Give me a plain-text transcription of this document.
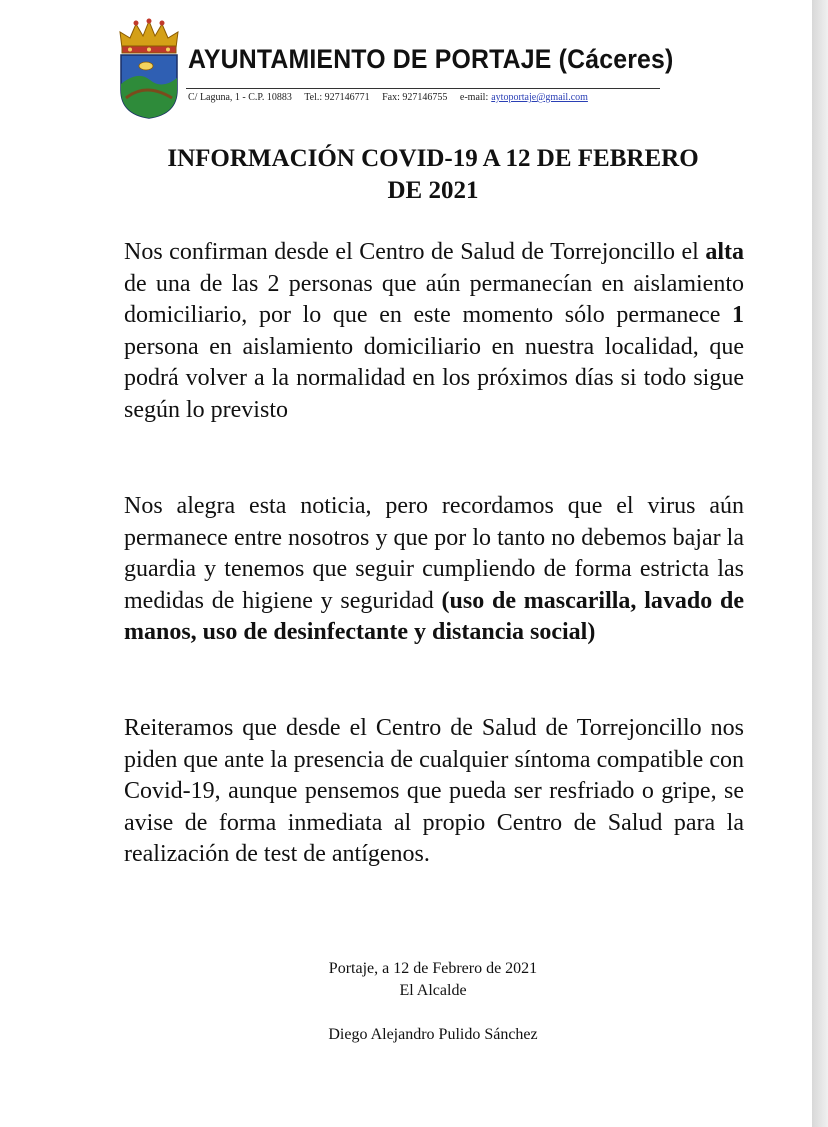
AYUNTAMIENTO DE PORTAJE (Cáceres)
C/ Laguna, 1 - C.P. 10883 Tel.: 927146771 Fax: 927146755 e-mail: aytoportaje@gmail.com
INFORMACIÓN COVID-19 A 12 DE FEBRERO
DE 2021

Nos confirman desde el Centro de Salud de Torrejoncillo el alta de una de las 2 personas que aún permanecían en aislamiento domiciliario, por lo que en este momento sólo permanece 1 persona en aislamiento domiciliario en nuestra localidad, que podrá volver a la normalidad en los próximos días si todo sigue según lo previsto

Nos alegra esta noticia, pero recordamos que el virus aún permanece entre nosotros y que por lo tanto no debemos bajar la guardia y tenemos que seguir cumpliendo de forma estricta las medidas de higiene y seguridad (uso de mascarilla, lavado de manos, uso de desinfectante y distancia social)

Reiteramos que desde el Centro de Salud de Torrejoncillo nos piden que ante la presencia de cualquier síntoma compatible con Covid-19, aunque pensemos que pueda ser resfriado o gripe, se avise de forma inmediata al propio Centro de Salud para la realización de test de antígenos.

Portaje, a 12 de Febrero de 2021
El Alcalde
Diego Alejandro Pulido Sánchez
